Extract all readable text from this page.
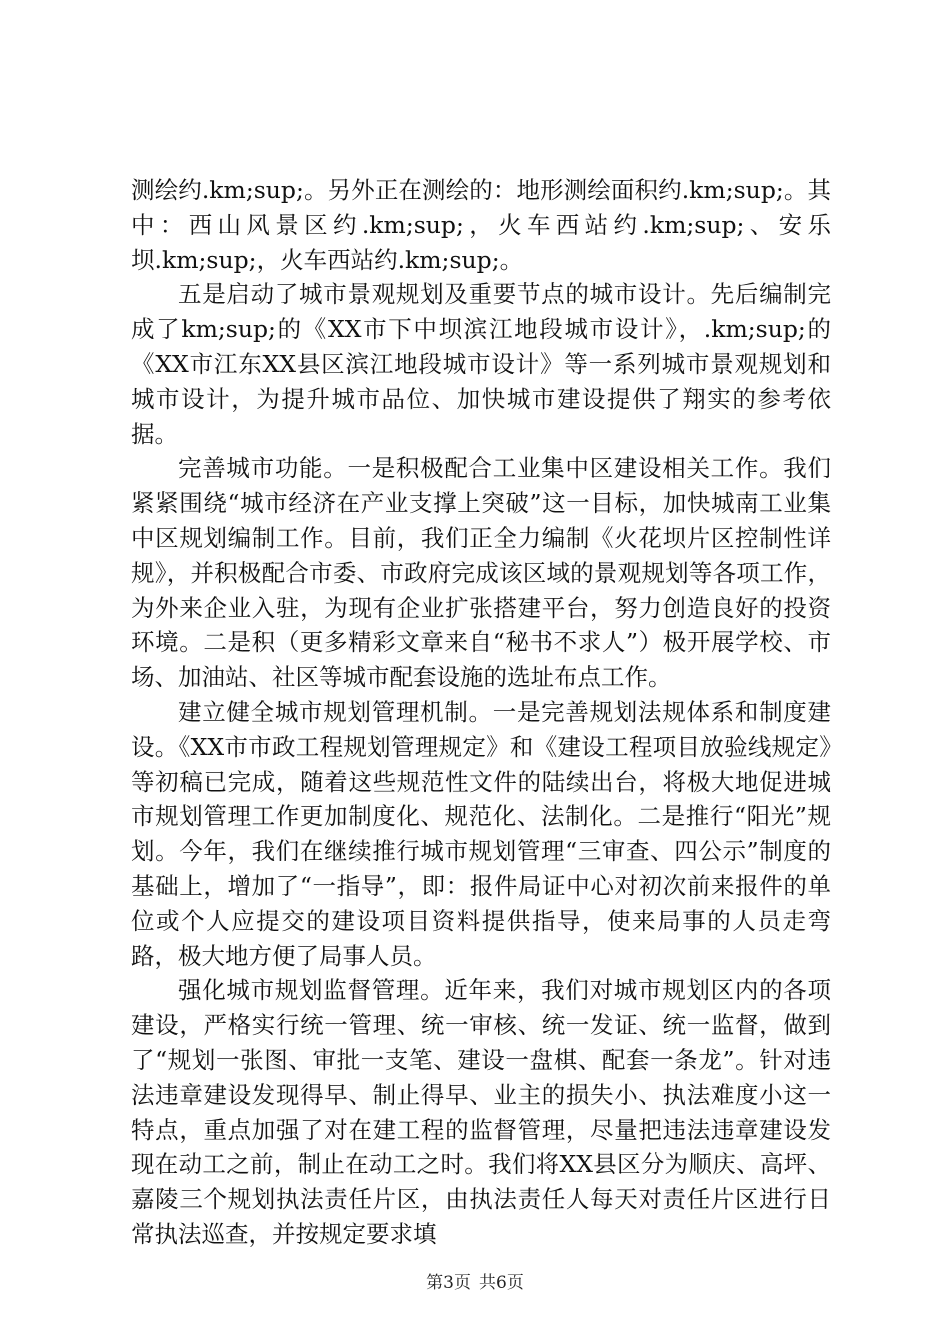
测绘约.km;sup;。另外正在测绘的：地形测绘面积约.km;sup;。其中：西山风景区约.km;sup;，火车西站约.km;sup;、安乐坝.km;sup;，火车西站约.km;sup;。

五是启动了城市景观规划及重要节点的城市设计。先后编制完成了km;sup;的《XX市下中坝滨江地段城市设计》，.km;sup;的《XX市江东XX县区滨江地段城市设计》等一系列城市景观规划和城市设计，为提升城市品位、加快城市建设提供了翔实的参考依据。

完善城市功能。一是积极配合工业集中区建设相关工作。我们紧紧围绕“城市经济在产业支撑上突破”这一目标，加快城南工业集中区规划编制工作。目前，我们正全力编制《火花坝片区控制性详规》，并积极配合市委、市政府完成该区域的景观规划等各项工作，为外来企业入驻，为现有企业扩张搭建平台，努力创造良好的投资环境。二是积（更多精彩文章来自“秘书不求人”）极开展学校、市场、加油站、社区等城市配套设施的选址布点工作。

建立健全城市规划管理机制。一是完善规划法规体系和制度建设。《XX市市政工程规划管理规定》和《建设工程项目放验线规定》等初稿已完成，随着这些规范性文件的陆续出台，将极大地促进城市规划管理工作更加制度化、规范化、法制化。二是推行“阳光”规划。今年，我们在继续推行城市规划管理“三审查、四公示”制度的基础上，增加了“一指导”，即：报件局证中心对初次前来报件的单位或个人应提交的建设项目资料提供指导，使来局事的人员走弯路，极大地方便了局事人员。

强化城市规划监督管理。近年来，我们对城市规划区内的各项建设，严格实行统一管理、统一审核、统一发证、统一监督，做到了“规划一张图、审批一支笔、建设一盘棋、配套一条龙”。针对违法违章建设发现得早、制止得早、业主的损失小、执法难度小这一特点，重点加强了对在建工程的监督管理，尽量把违法违章建设发现在动工之前，制止在动工之时。我们将XX县区分为顺庆、高坪、嘉陵三个规划执法责任片区，由执法责任人每天对责任片区进行日常执法巡查，并按规定要求填

第3页 共6页
